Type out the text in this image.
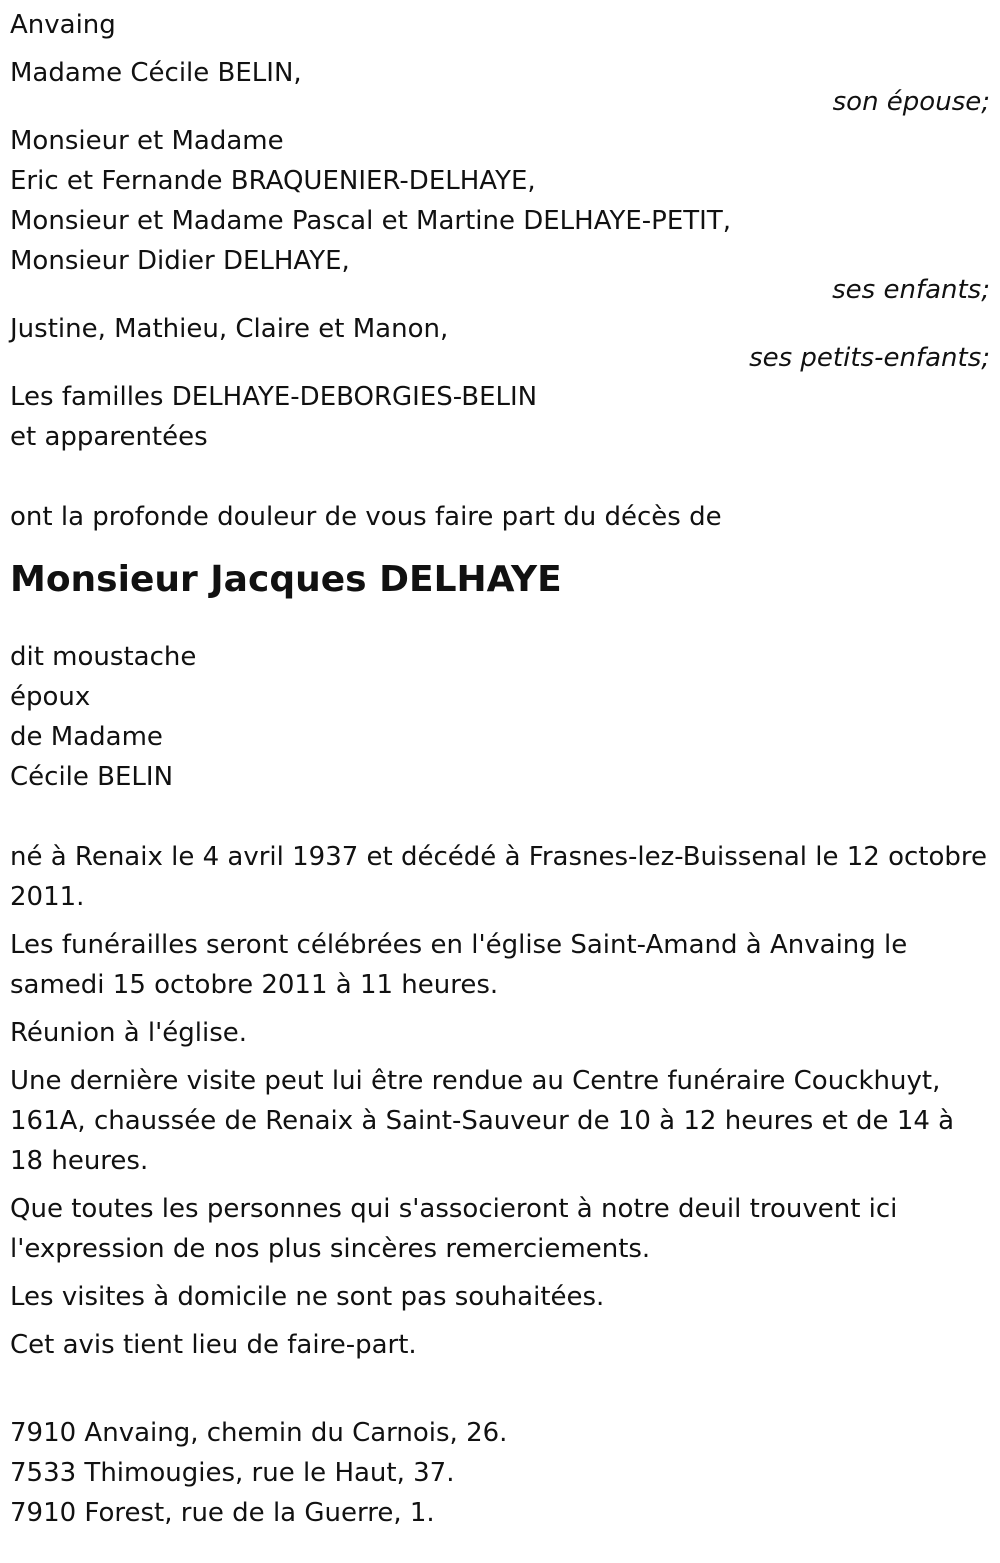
Anvaing
Madame Cécile BELIN,
son épouse;
Monsieur et Madame
Eric et Fernande BRAQUENIER-DELHAYE,
Monsieur et Madame Pascal et Martine DELHAYE-PETIT,
Monsieur Didier DELHAYE,
ses enfants;
Justine, Mathieu, Claire et Manon,
ses petits-enfants;
Les familles DELHAYE-DEBORGIES-BELIN
et apparentées
ont la profonde douleur de vous faire part du décès de
Monsieur Jacques DELHAYE
dit moustache
époux
de Madame
Cécile BELIN
né à Renaix le 4 avril 1937 et décédé à Frasnes-lez-Buissenal le 12 octobre 2011.
Les funérailles seront célébrées en l'église Saint-Amand à Anvaing le samedi 15 octobre 2011 à 11 heures.
Réunion à l'église.
Une dernière visite peut lui être rendue au Centre funéraire Couckhuyt, 161A, chaussée de Renaix à Saint-Sauveur de 10 à 12 heures et de 14 à 18 heures.
Que toutes les personnes qui s'associeront à notre deuil trouvent ici l'expression de nos plus sincères remerciements.
Les visites à domicile ne sont pas souhaitées.
Cet avis tient lieu de faire-part.
7910 Anvaing, chemin du Carnois, 26.
7533 Thimougies, rue le Haut, 37.
7910 Forest, rue de la Guerre, 1.
